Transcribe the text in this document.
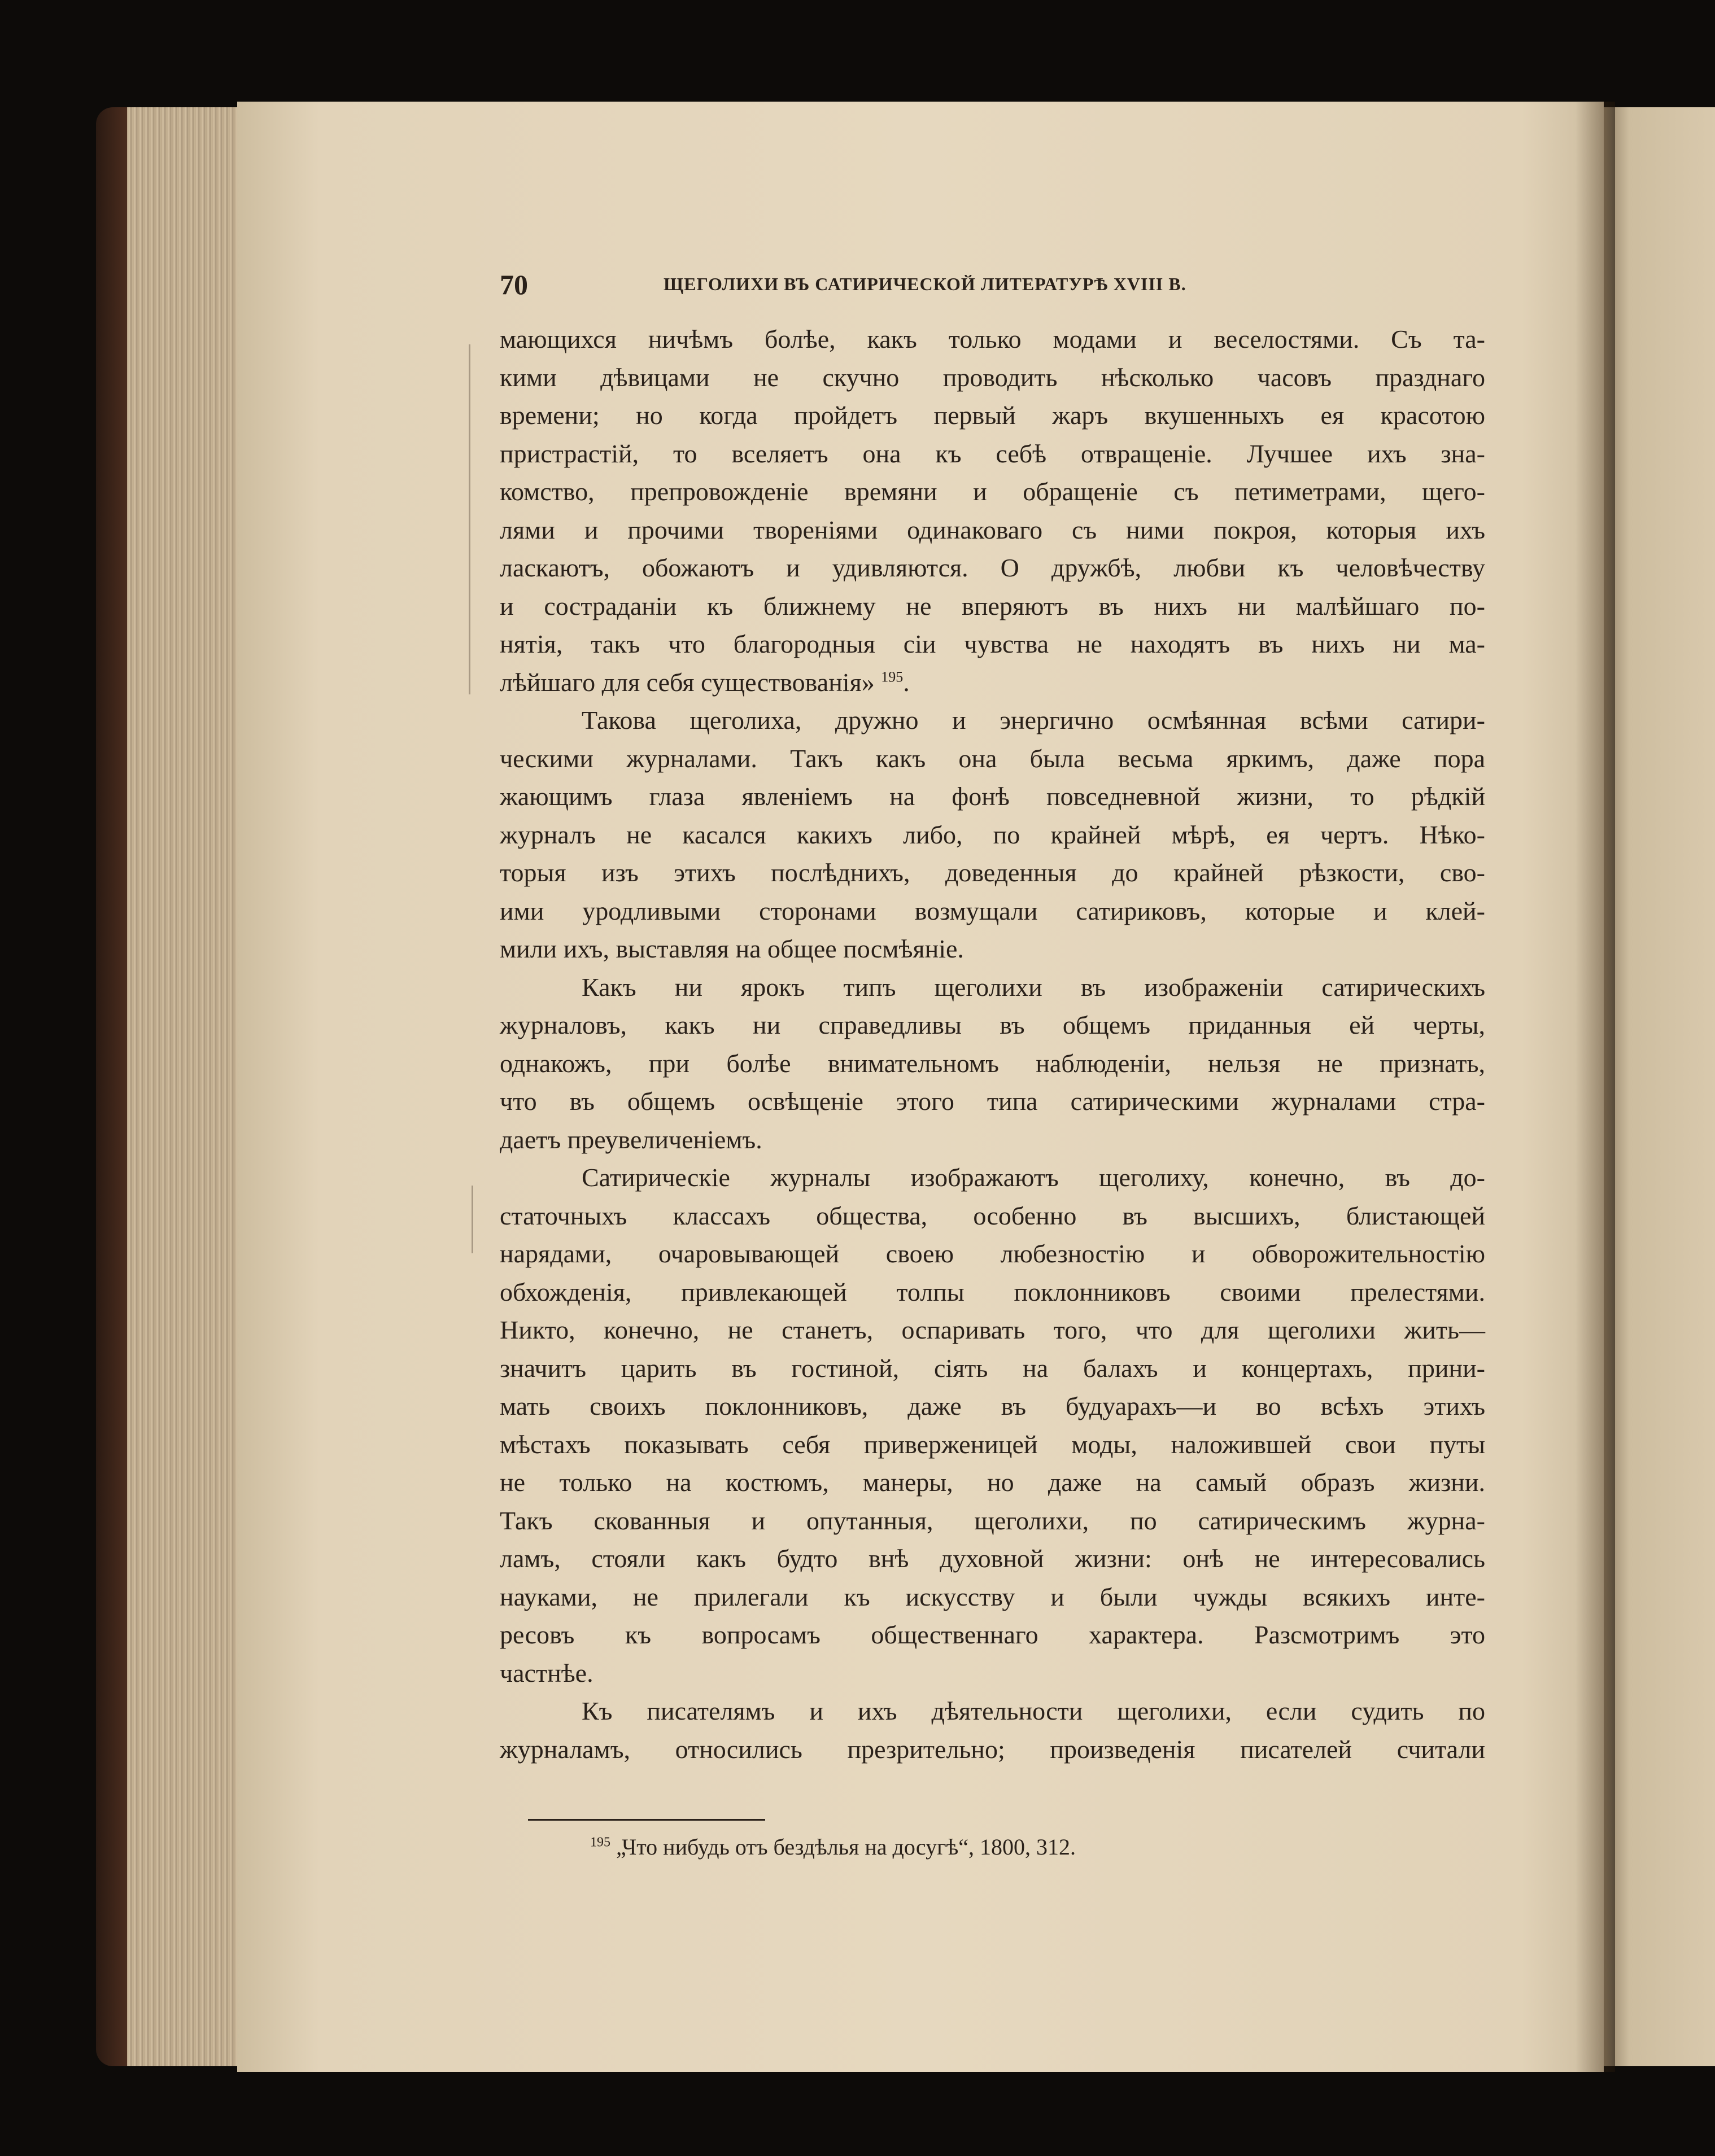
70	ЩЕГОЛИХИ ВЪ САТИРИЧЕСКОЙ ЛИТЕРАТУРѢ XVIII В.
мающихся ничѣмъ болѣе, какъ только модами и веселостями. Съ та-
кими дѣвицами не скучно проводить нѣсколько часовъ празднаго
времени; но когда пройдетъ первый жаръ вкушенныхъ ея красотою
пристрастій, то вселяетъ она къ себѣ отвращеніе. Лучшее ихъ зна-
комство, препровожденіе времяни и обращеніе съ петиметрами, щего-
лями и прочими твореніями одинаковаго съ ними покроя, которыя ихъ
ласкаютъ, обожаютъ и удивляются. О дружбѣ, любви къ человѣчеству
и состраданіи къ ближнему не вперяютъ въ нихъ ни малѣйшаго по-
нятія, такъ что благородныя сіи чувства не находятъ въ нихъ ни ма-
лѣйшаго для себя существованія» $^{195}$.
Такова щеголиха, дружно и энергично осмѣянная всѣми сатири-
ческими журналами. Такъ какъ она была весьма яркимъ, даже пора
жающимъ глаза явленіемъ на фонѣ повседневной жизни, то рѣдкій
журналъ не касался какихъ либо, по крайней мѣрѣ, ея чертъ. Нѣко-
торыя изъ этихъ послѣднихъ, доведенныя до крайней рѣзкости, сво-
ими уродливыми сторонами возмущали сатириковъ, которые и клей-
мили ихъ, выставляя на общее посмѣяніе.
Какъ ни ярокъ типъ щеголихи въ изображеніи сатирическихъ
журналовъ, какъ ни справедливы въ общемъ приданныя ей черты,
однакожъ, при болѣе внимательномъ наблюденіи, нельзя не признать,
что въ общемъ освѣщеніе этого типа сатирическими журналами стра-
даетъ преувеличеніемъ.
Сатирическіе журналы изображаютъ щеголиху, конечно, въ до-
статочныхъ классахъ общества, особенно въ высшихъ, блистающей
нарядами, очаровывающей своею любезностію и обворожительностію
обхожденія, привлекающей толпы поклонниковъ своими прелестями.
Никто, конечно, не станетъ, оспаривать того, что для щеголихи жить—
значитъ царить въ гостиной, сіять на балахъ и концертахъ, прини-
мать своихъ поклонниковъ, даже въ будуарахъ—и во всѣхъ этихъ
мѣстахъ показывать себя приверженицей моды, наложившей свои путы
не только на костюмъ, манеры, но даже на самый образъ жизни.
Такъ скованныя и опутанныя, щеголихи, по сатирическимъ журна-
ламъ, стояли какъ будто внѣ духовной жизни: онѣ не интересовались
науками, не прилегали къ искусству и были чужды всякихъ инте-
ресовъ къ вопросамъ общественнаго характера. Разсмотримъ это
частнѣе.
Къ писателямъ и ихъ дѣятельности щеголихи, если судить по
журналамъ, относились презрительно; произведенія писателей считали
$^{195}$ „Что нибудь отъ бездѣлья на досугѣ“, 1800, 312.
